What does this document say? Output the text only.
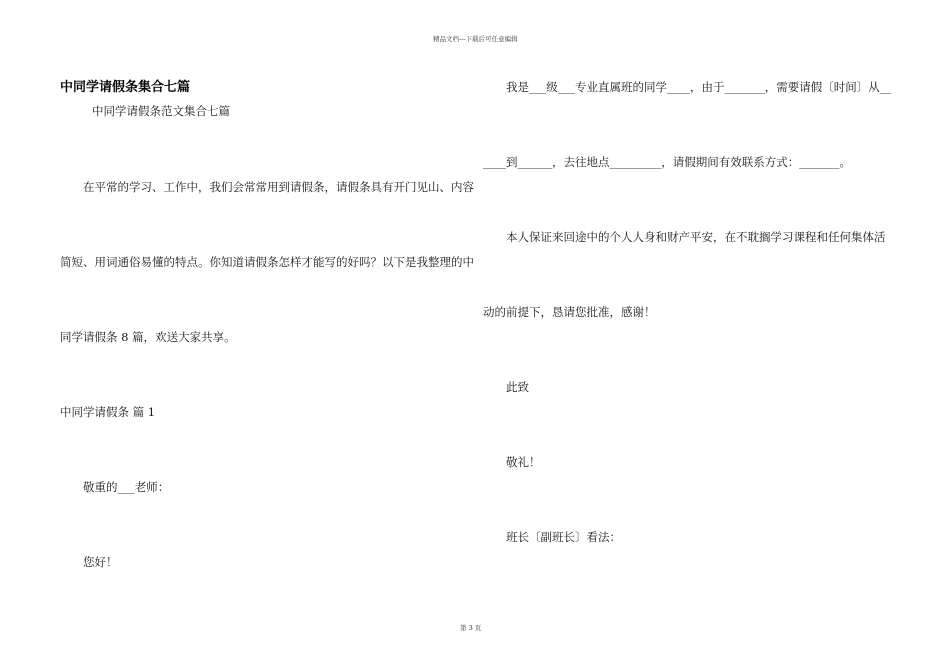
精品文档---下载后可任意编辑
中同学请假条集合七篇
中同学请假条范文集合七篇
在平常的学习、工作中，我们会常常用到请假条，请假条具有开门见山、内容
简短、用词通俗易懂的特点。你知道请假条怎样才能写的好吗？以下是我整理的中
同学请假条 8 篇，欢送大家共享。
中同学请假条 篇 1
敬重的___老师：
您好！
我是___级___专业直属班的同学____，由于_______，需要请假〔时间〕从__
____到______，去往地点_________，请假期间有效联系方式：_______。
本人保证来回途中的个人人身和财产平安，在不耽搁学习课程和任何集体活
动的前提下，恳请您批准，感谢！
此致
敬礼！
班长〔副班长〕看法：
第 3 页
